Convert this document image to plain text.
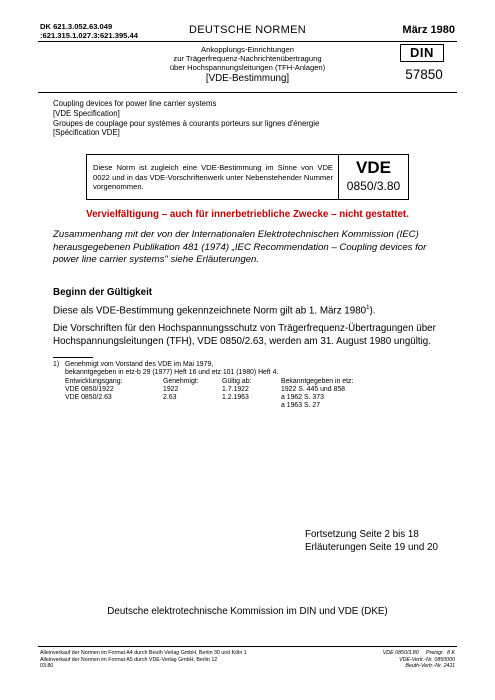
DK 621.3.052.63.049
:621.315.1.027.3:621.395.44	DEUTSCHE NORMEN	März 1980
Ankopplungs-Einrichtungen
zur Trägerfrequenz-Nachrichtenübertragung
über Hochspannungsleitungen (TFH-Anlagen)
[VDE-Bestimmung]
DIN
57850
Coupling devices for power line carrier systems
[VDE Specification]
Groupes de couplage pour systèmes à courants porteurs sur lignes d'énergie
[Spécification VDE]
Diese Norm ist zugleich eine VDE-Bestimmung im Sinne von VDE 0022 und in das VDE-Vorschriftenwerk unter Nebenstehender Nummer vorgenommen.
VDE
0850/3.80
Vervielfältigung – auch für innerbetriebliche Zwecke – nicht gestattet.
Zusammenhang mit der von der Internationalen Elektrotechnischen Kommission (IEC) herausgegebenen Publikation 481 (1974) „IEC Recommendation – Coupling devices for power line carrier systems" siehe Erläuterungen.
Beginn der Gültigkeit
Diese als VDE-Bestimmung gekennzeichnete Norm gilt ab 1. März 1980$^1$).
Die Vorschriften für den Hochspannungsschutz von Trägerfrequenz-Übertragungen über Hochspannungsleitungen (TFH), VDE 0850/2.63, werden am 31. August 1980 ungültig.
1) Genehmigt vom Vorstand des VDE im Mai 1979,
bekanntgegeben in etz-b 29 (1977) Heft 16 und etz 101 (1980) Heft 4.
Entwicklungsgang:	Genehmigt:	Gültig ab:	Bekanntgegeben in etz:
VDE 0850/1922	1922	1.7.1922	1922 S. 445 und 858
VDE 0850/2.63	2.63	1.2.1963	a 1962 S. 373
			a 1963 S. 27
Fortsetzung Seite 2 bis 18
Erläuterungen Seite 19 und 20
Deutsche elektrotechnische Kommission im DIN und VDE (DKE)
Alleinverkauf der Normen im Format A4 durch Beuth Verlag GmbH, Berlin 30 und Köln 1
Alleinverkauf der Normen im Format A5 durch VDE-Verlag GmbH, Berlin 12
03.80
VDE 0850/3.80     Preisgr.  8 K
VDE-Vertr.-Nr. 0850000
Beuth-Vertr.-Nr. 2411
